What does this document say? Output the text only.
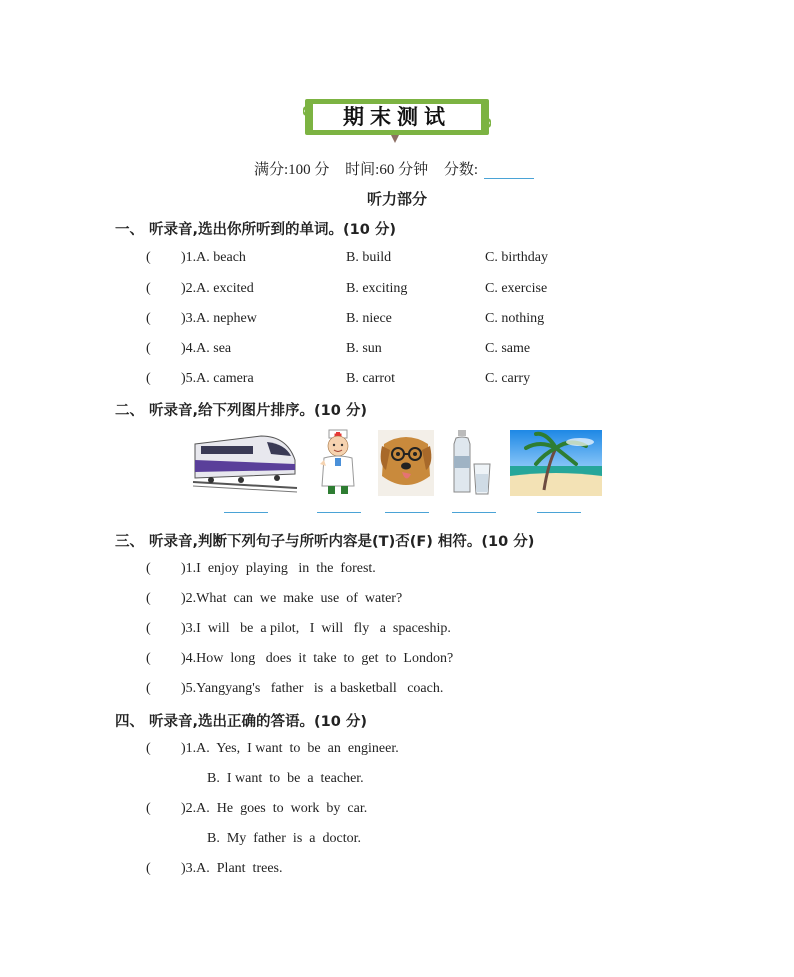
期末测试
满分:100 分 时间:60 分钟 分数:
听力部分
一、 听录音,选出你所听到的单词。(10 分)
( )1.A. beach	B. build	C. birthday
( )2.A. excited	B. exciting	C. exercise
( )3.A. nephew	B. niece	C. nothing
( )4.A. sea	B. sun	C. same
( )5.A. camera	B. carrot	C. carry
二、 听录音,给下列图片排序。(10 分)
三、 听录音,判断下列句子与所听内容是(T)否(F) 相符。(10 分)
( )1.I  enjoy  playing   in  the  forest.
( )2.What  can  we  make  use  of  water?
( )3.I  will   be  a pilot,   I  will   fly   a  spaceship.
( )4.How  long   does  it  take  to  get  to  London?
( )5.Yangyang's   father   is  a basketball   coach.
四、 听录音,选出正确的答语。(10 分)
( )1.A.  Yes,  I want  to  be  an  engineer.
B.  I want  to  be  a  teacher.
( )2.A.  He  goes  to  work  by  car.
B.  My  father  is  a  doctor.
( )3.A.  Plant  trees.
